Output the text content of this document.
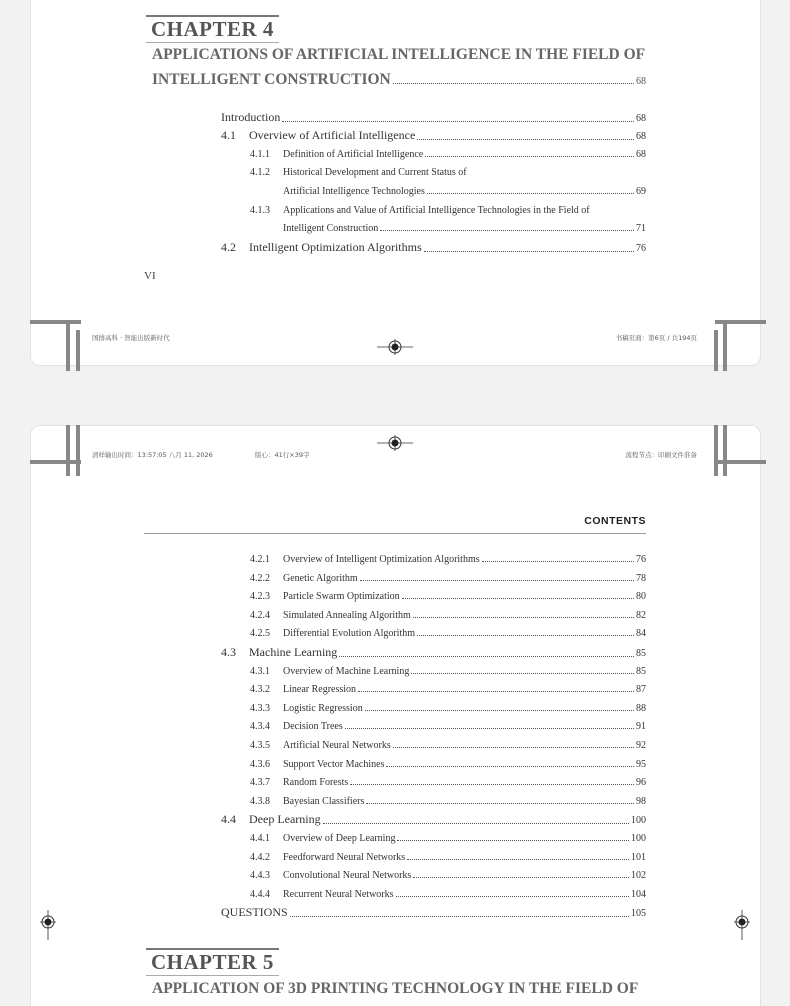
CHAPTER 4
APPLICATIONS OF ARTIFICIAL INTELLIGENCE IN THE FIELD OF
INTELLIGENT CONSTRUCTION	68
Introduction	68
4.1	Overview of Artificial Intelligence	68
4.1.1	Definition of Artificial Intelligence	68
4.1.2	Historical Development and Current Status of
Artificial Intelligence Technologies	69
4.1.3	Applications and Value of Artificial Intelligence Technologies in the Field of
Intelligent Construction	71
4.2	Intelligent Optimization Algorithms	76
VI
国排高科 · 智能出版新时代	书稿页面：第6页 / 共194页
清样输出时间：13:57:05 八月 11, 2026	版心：41行×39字	流程节点：印刷文件准备
CONTENTS
4.2.1	Overview of Intelligent Optimization Algorithms	76
4.2.2	Genetic Algorithm	78
4.2.3	Particle Swarm Optimization	80
4.2.4	Simulated Annealing Algorithm	82
4.2.5	Differential Evolution Algorithm	84
4.3	Machine Learning	85
4.3.1	Overview of Machine Learning	85
4.3.2	Linear Regression	87
4.3.3	Logistic Regression	88
4.3.4	Decision Trees	91
4.3.5	Artificial Neural Networks	92
4.3.6	Support Vector Machines	95
4.3.7	Random Forests	96
4.3.8	Bayesian Classifiers	98
4.4	Deep Learning	100
4.4.1	Overview of Deep Learning	100
4.4.2	Feedforward Neural Networks	101
4.4.3	Convolutional Neural Networks	102
4.4.4	Recurrent Neural Networks	104
QUESTIONS	105
CHAPTER 5
APPLICATION OF 3D PRINTING TECHNOLOGY IN THE FIELD OF
